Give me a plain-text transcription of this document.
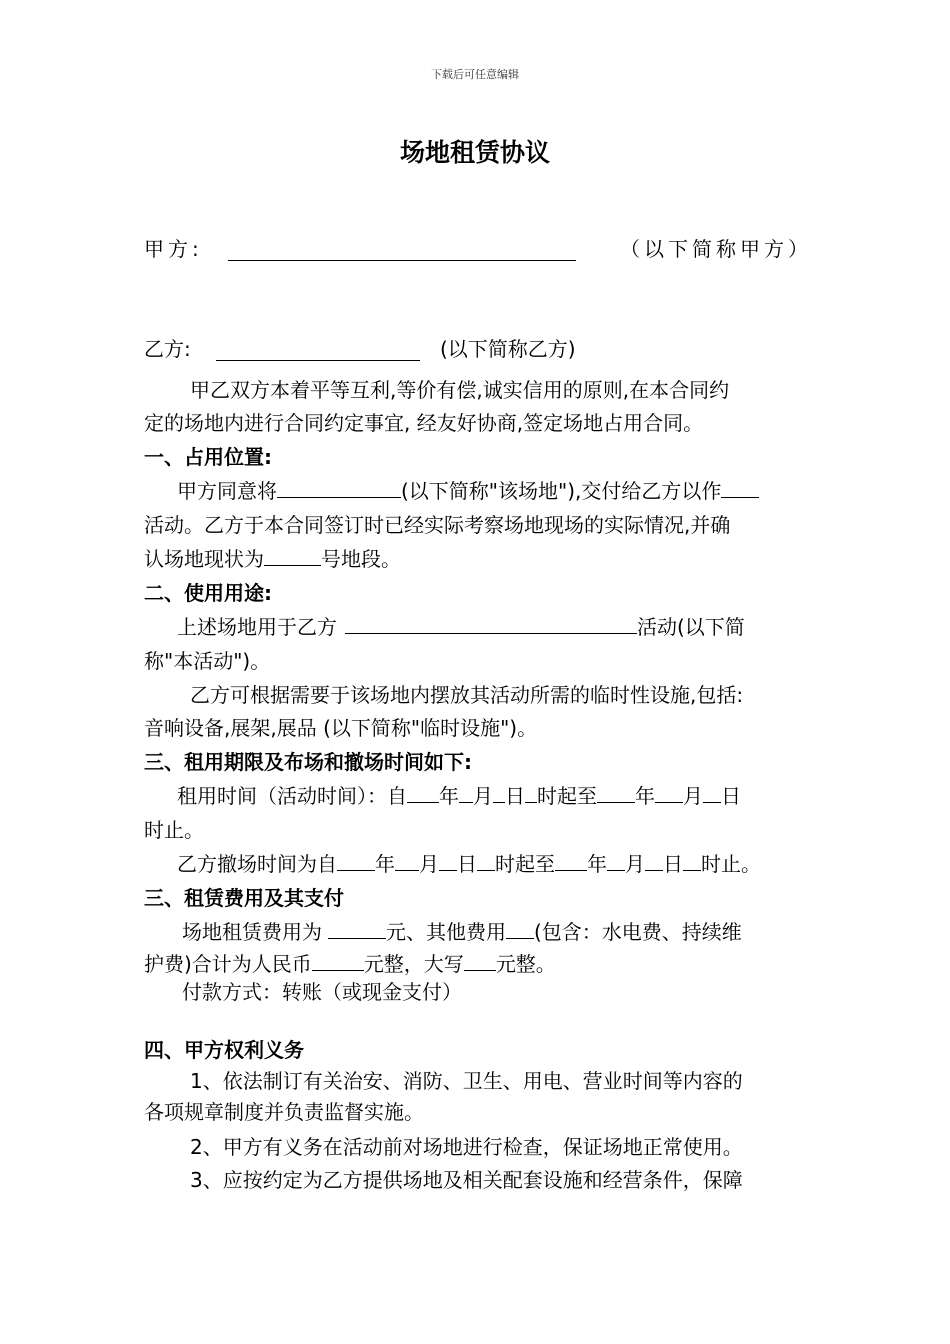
下载后可任意编辑
场地租赁协议
甲方:	（以下简称甲方）
乙方:	(以下简称乙方)
甲乙双方本着平等互利,等价有偿,诚实信用的原则,在本合同约
定的场地内进行合同约定事宜, 经友好协商,签定场地占用合同。
一、占用位置:
甲方同意将	(以下简称"该场地"),交付给乙方以作
活动。乙方于本合同签订时已经实际考察场地现场的实际情况,并确
认场地现状为	号地段。
二、使用用途:
上述场地用于乙方	活动(以下简
称"本活动")。
乙方可根据需要于该场地内摆放其活动所需的临时性设施,包括:
音响设备,展架,展品 (以下简称"临时设施")。
三、租用期限及布场和撤场时间如下:
租用时间（活动时间）：自 年 月 日 时起至 年 月 日
时止。
乙方撤场时间为自 年 月 日 时起至 年 月 日 时止。
三、租赁费用及其支付
场地租赁费用为	元、其他费用 (包含：水电费、持续维
护费)合计为人民币	元整，大写 元整。
付款方式：转账（或现金支付）
四、甲方权利义务
1、依法制订有关治安、消防、卫生、用电、营业时间等内容的
各项规章制度并负责监督实施。
2、甲方有义务在活动前对场地进行检查，保证场地正常使用。
3、应按约定为乙方提供场地及相关配套设施和经营条件，保障
